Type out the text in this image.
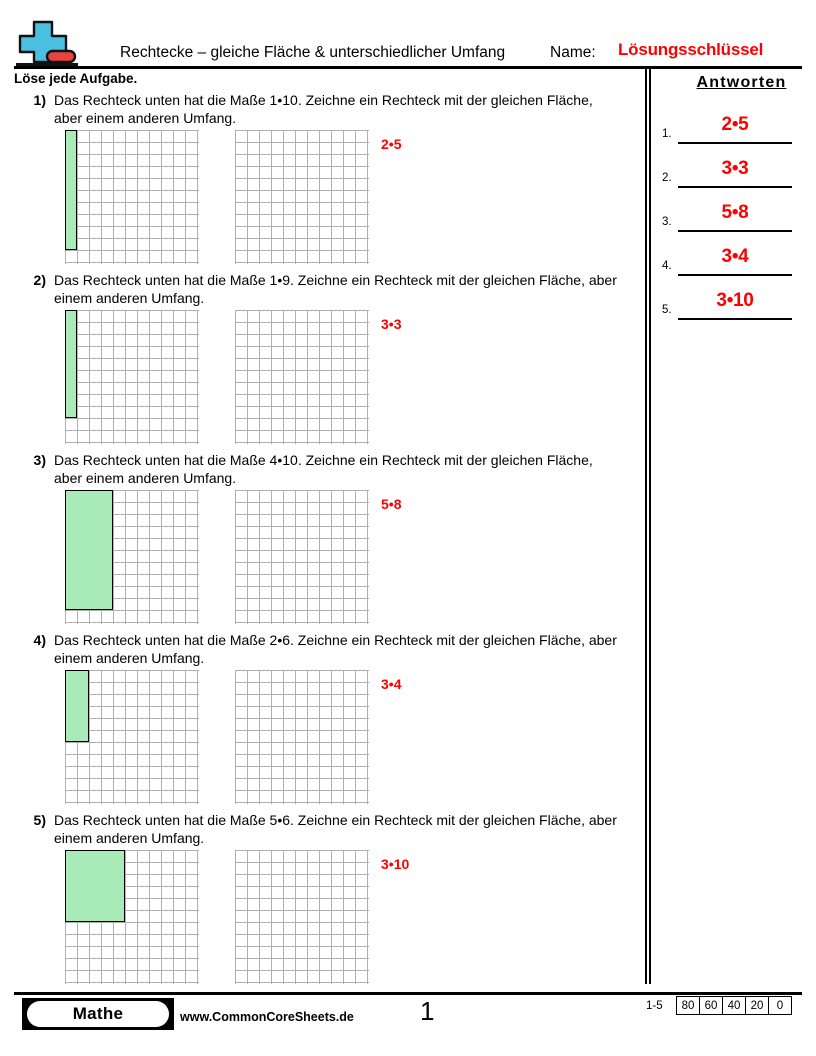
Rechtecke – gleiche Fläche & unterschiedlicher Umfang	Name: Lösungsschlüssel
Löse jede Aufgabe.
1) Das Rechteck unten hat die Maße 1•10. Zeichne ein Rechteck mit der gleichen Fläche, aber einem anderen Umfang.
2•5
2) Das Rechteck unten hat die Maße 1•9. Zeichne ein Rechteck mit der gleichen Fläche, aber einem anderen Umfang.
3•3
3) Das Rechteck unten hat die Maße 4•10. Zeichne ein Rechteck mit der gleichen Fläche, aber einem anderen Umfang.
5•8
4) Das Rechteck unten hat die Maße 2•6. Zeichne ein Rechteck mit der gleichen Fläche, aber einem anderen Umfang.
3•4
5) Das Rechteck unten hat die Maße 5•6. Zeichne ein Rechteck mit der gleichen Fläche, aber einem anderen Umfang.
3•10
Antworten
1.	2•5
2.	3•3
3.	5•8
4.	3•4
5.	3•10
Mathe	www.CommonCoreSheets.de	1	1-5	80 60 40 20	0
